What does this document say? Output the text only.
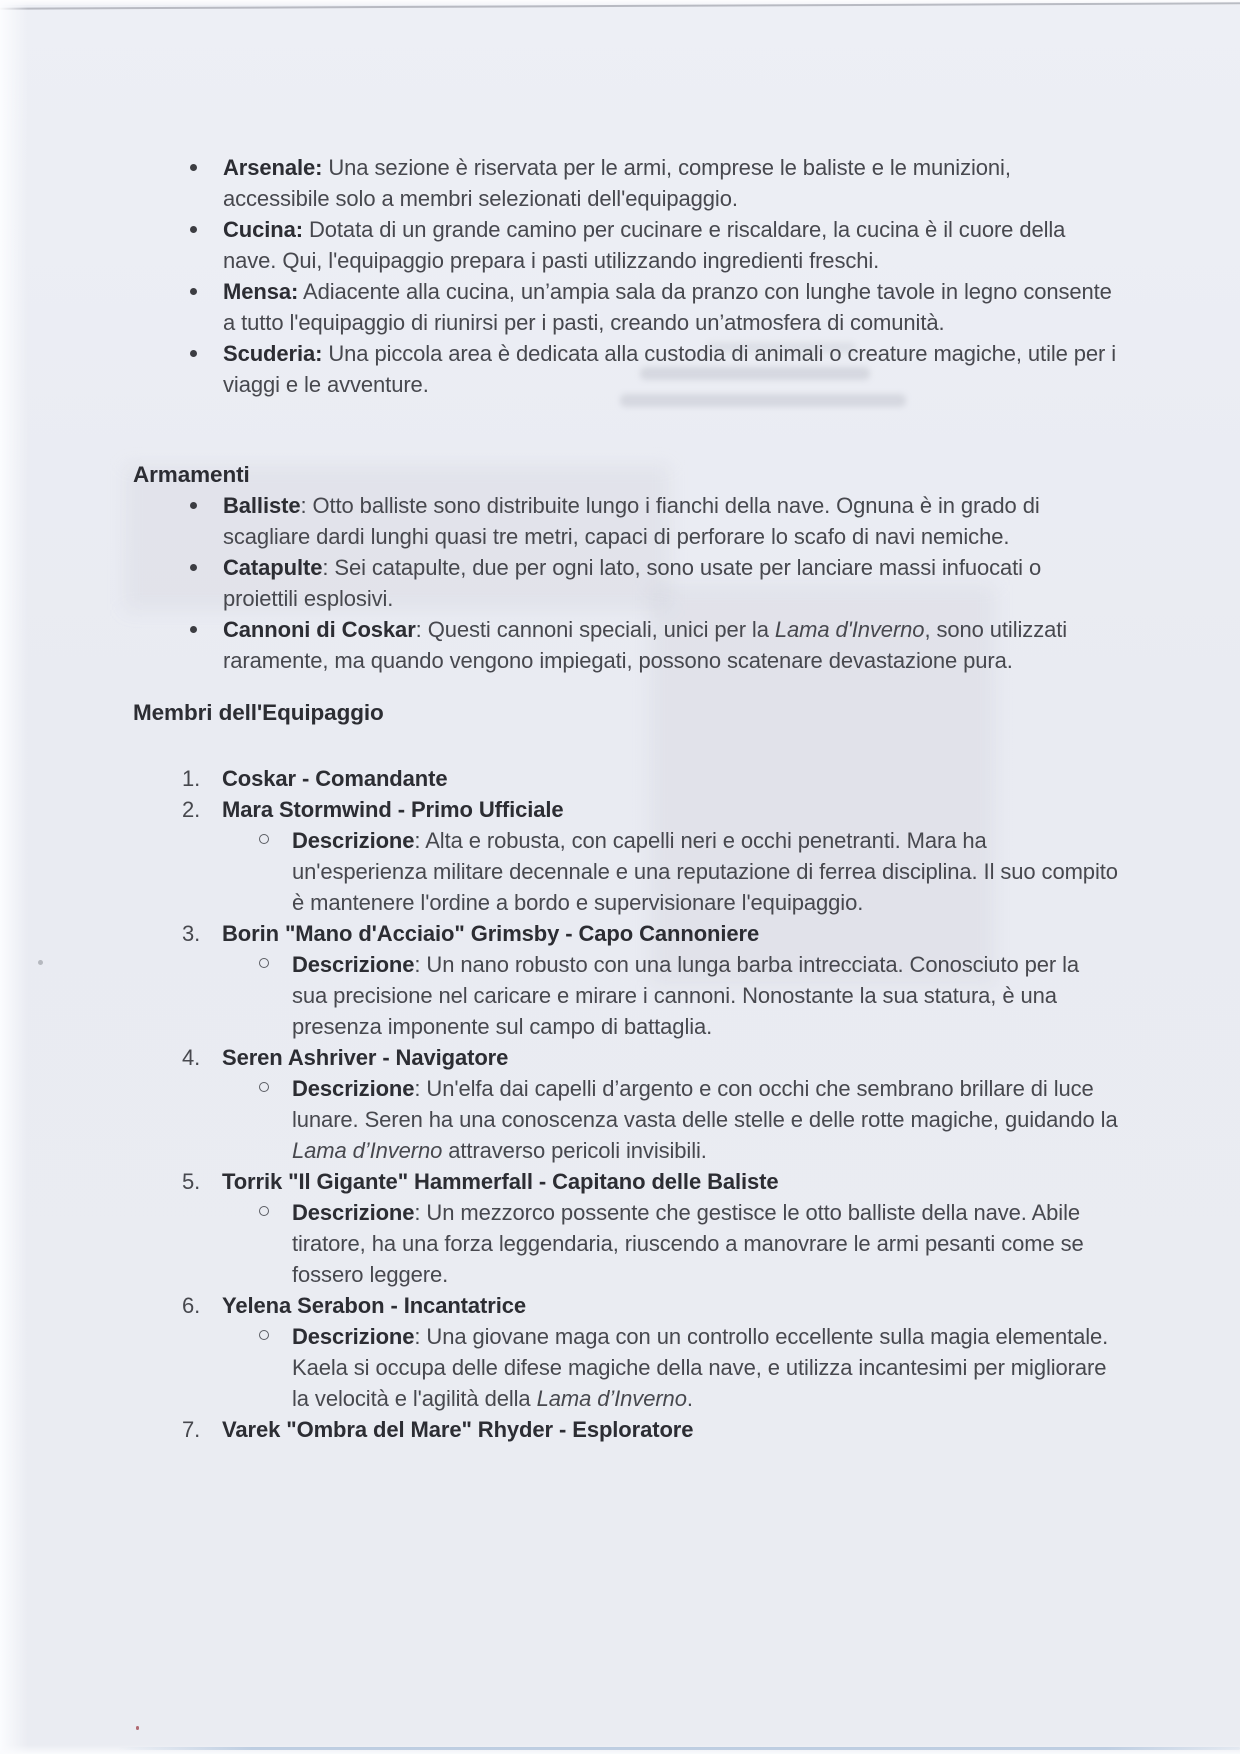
Arsenale: Una sezione è riservata per le armi, comprese le baliste e le munizioni, accessibile solo a membri selezionati dell'equipaggio.
Cucina: Dotata di un grande camino per cucinare e riscaldare, la cucina è il cuore della nave. Qui, l'equipaggio prepara i pasti utilizzando ingredienti freschi.
Mensa: Adiacente alla cucina, un’ampia sala da pranzo con lunghe tavole in legno consente a tutto l'equipaggio di riunirsi per i pasti, creando un’atmosfera di comunità.
Scuderia: Una piccola area è dedicata alla custodia di animali o creature magiche, utile per i viaggi e le avventure.
Armamenti
Balliste: Otto balliste sono distribuite lungo i fianchi della nave. Ognuna è in grado di scagliare dardi lunghi quasi tre metri, capaci di perforare lo scafo di navi nemiche.
Catapulte: Sei catapulte, due per ogni lato, sono usate per lanciare massi infuocati o proiettili esplosivi.
Cannoni di Coskar: Questi cannoni speciali, unici per la Lama d'Inverno, sono utilizzati raramente, ma quando vengono impiegati, possono scatenare devastazione pura.
Membri dell'Equipaggio
1. Coskar - Comandante
2. Mara Stormwind - Primo Ufficiale
Descrizione: Alta e robusta, con capelli neri e occhi penetranti. Mara ha un'esperienza militare decennale e una reputazione di ferrea disciplina. Il suo compito è mantenere l'ordine a bordo e supervisionare l'equipaggio.
3. Borin "Mano d'Acciaio" Grimsby - Capo Cannoniere
Descrizione: Un nano robusto con una lunga barba intrecciata. Conosciuto per la sua precisione nel caricare e mirare i cannoni. Nonostante la sua statura, è una presenza imponente sul campo di battaglia.
4. Seren Ashriver - Navigatore
Descrizione: Un'elfa dai capelli d’argento e con occhi che sembrano brillare di luce lunare. Seren ha una conoscenza vasta delle stelle e delle rotte magiche, guidando la Lama d’Inverno attraverso pericoli invisibili.
5. Torrik "Il Gigante" Hammerfall - Capitano delle Baliste
Descrizione: Un mezzorco possente che gestisce le otto balliste della nave. Abile tiratore, ha una forza leggendaria, riuscendo a manovrare le armi pesanti come se fossero leggere.
6. Yelena Serabon - Incantatrice
Descrizione: Una giovane maga con un controllo eccellente sulla magia elementale. Kaela si occupa delle difese magiche della nave, e utilizza incantesimi per migliorare la velocità e l'agilità della Lama d’Inverno.
7. Varek "Ombra del Mare" Rhyder - Esploratore
